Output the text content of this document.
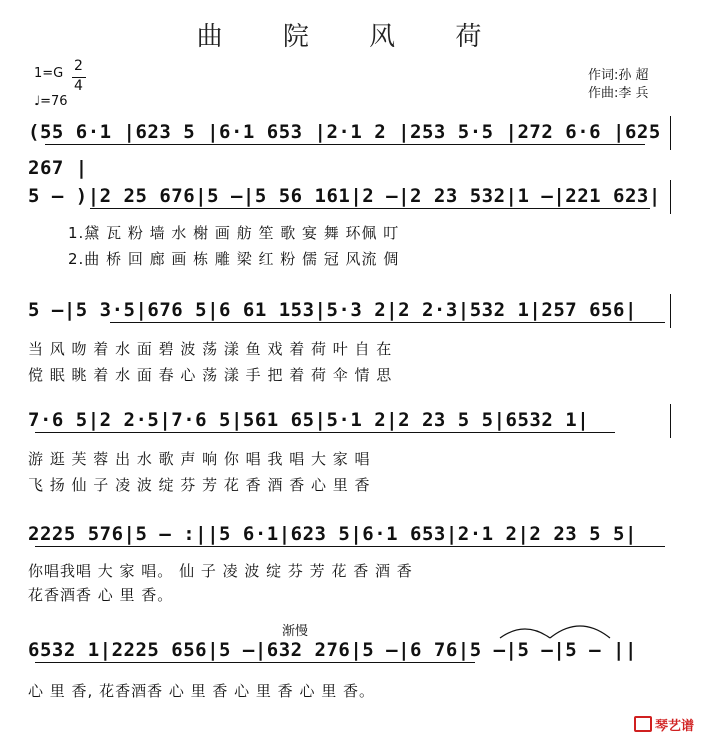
曲 院 风 荷
1=G 2
4
♩=76
作词:孙 超
作曲:李 兵
(55 6·1 |623 5 |6·1 653 |2·1 2 |253 5·5 |272 6·6 |625 267 |
5 – )|2 25 676|5 –|5 56 161|2 –|2 23 532|1 –|221 623|
1.黛 瓦 粉 墙 水 榭 画 舫 笙 歌 宴 舞 环佩 叮
2.曲 桥 回 廊 画 栋 雕 梁 红 粉 儒 冠 风流 倜
5 –|5 3·5|676 5|6 61 153|5·3 2|2 2·3|532 1|257 656|
当 风 吻 着 水 面 碧 波 荡 漾 鱼 戏 着 荷 叶 自 在
傥 眠 眺 着 水 面 春 心 荡 漾 手 把 着 荷 伞 情 思
7·6 5|2 2·5|7·6 5|561 65|5·1 2|2 23 5 5|6532 1|
游 逛 芙 蓉 出 水 歌 声 响 你 唱 我 唱 大 家 唱
飞 扬 仙 子 凌 波 绽 芬 芳 花 香 酒 香 心 里 香
2225 576|5 – :||5 6·1|623 5|6·1 653|2·1 2|2 23 5 5|
你唱我唱 大 家 唱。 仙 子 凌 波 绽 芬 芳 花 香 酒 香
花香酒香 心 里 香。
渐慢
6532 1|2225 656|5 –|632 276|5 –|6 76|5 –|5 –|5 – ||
心 里 香, 花香酒香 心 里 香 心 里 香 心 里 香。
琴艺谱
